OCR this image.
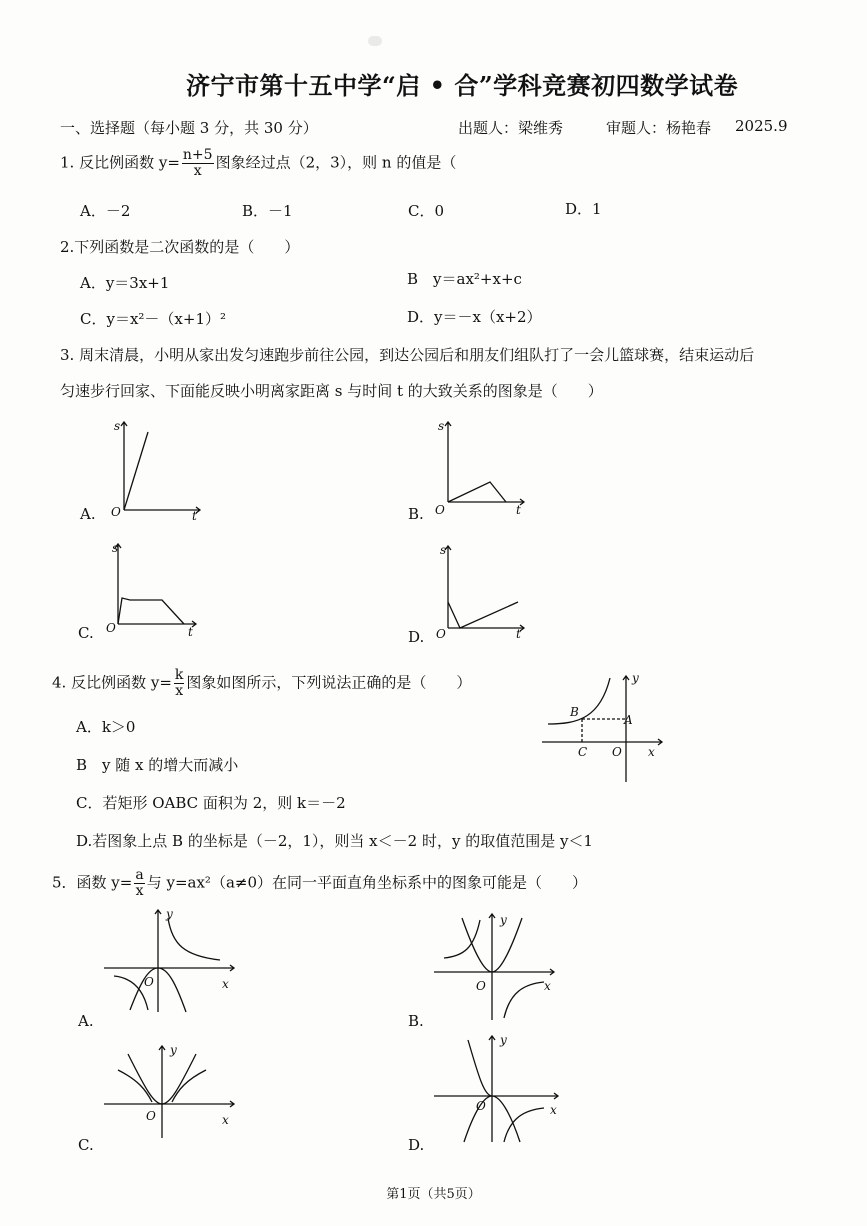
济宁市第十五中学“启 • 合”学科竞赛初四数学试卷
一、选择题（每小题 3 分，共 30 分）	出题人：梁维秀	审题人：杨艳春 2025.9
1. 反比例函数 $y= \frac{n+5}{x}$ 图象经过点（2，3），则 n 的值是（
A．－2	B．－1	C．0	D．1
2.下列函数是二次函数的是（　　）
A．y＝3x+1	B　y＝ax²+x+c
C．y＝x²－（x+1）²	D．y＝－x（x+2）
3. 周末清晨，小明从家出发匀速跑步前往公园，到达公园后和朋友们组队打了一会儿篮球赛，结束运动后
匀速步行回家、下面能反映小明离家距离 s 与时间 t 的大致关系的图象是（　　）
A.	B.
C.	D.
s
t
O
s
t
O
s
t
O
s
t
O
4. 反比例函数 $y= \frac{k}{x}$ 图象如图所示，下列说法正确的是（　　）
A．k＞0
B　y 随 x 的增大而减小
C．若矩形 OABC 面积为 2，则 k＝－2
D.若图象上点 B 的坐标是（－2，1），则当 x＜－2 时，y 的取值范围是 y＜1
y
x
B
A
C O
5．函数 $y= \frac{a}{x}$ 与 y=ax²（a≠0）在同一平面直角坐标系中的图象可能是（　　）
A.	B.
C.	D.
y
x
O
y
x
O
y
x
O
y
x
O
第1页（共5页）
